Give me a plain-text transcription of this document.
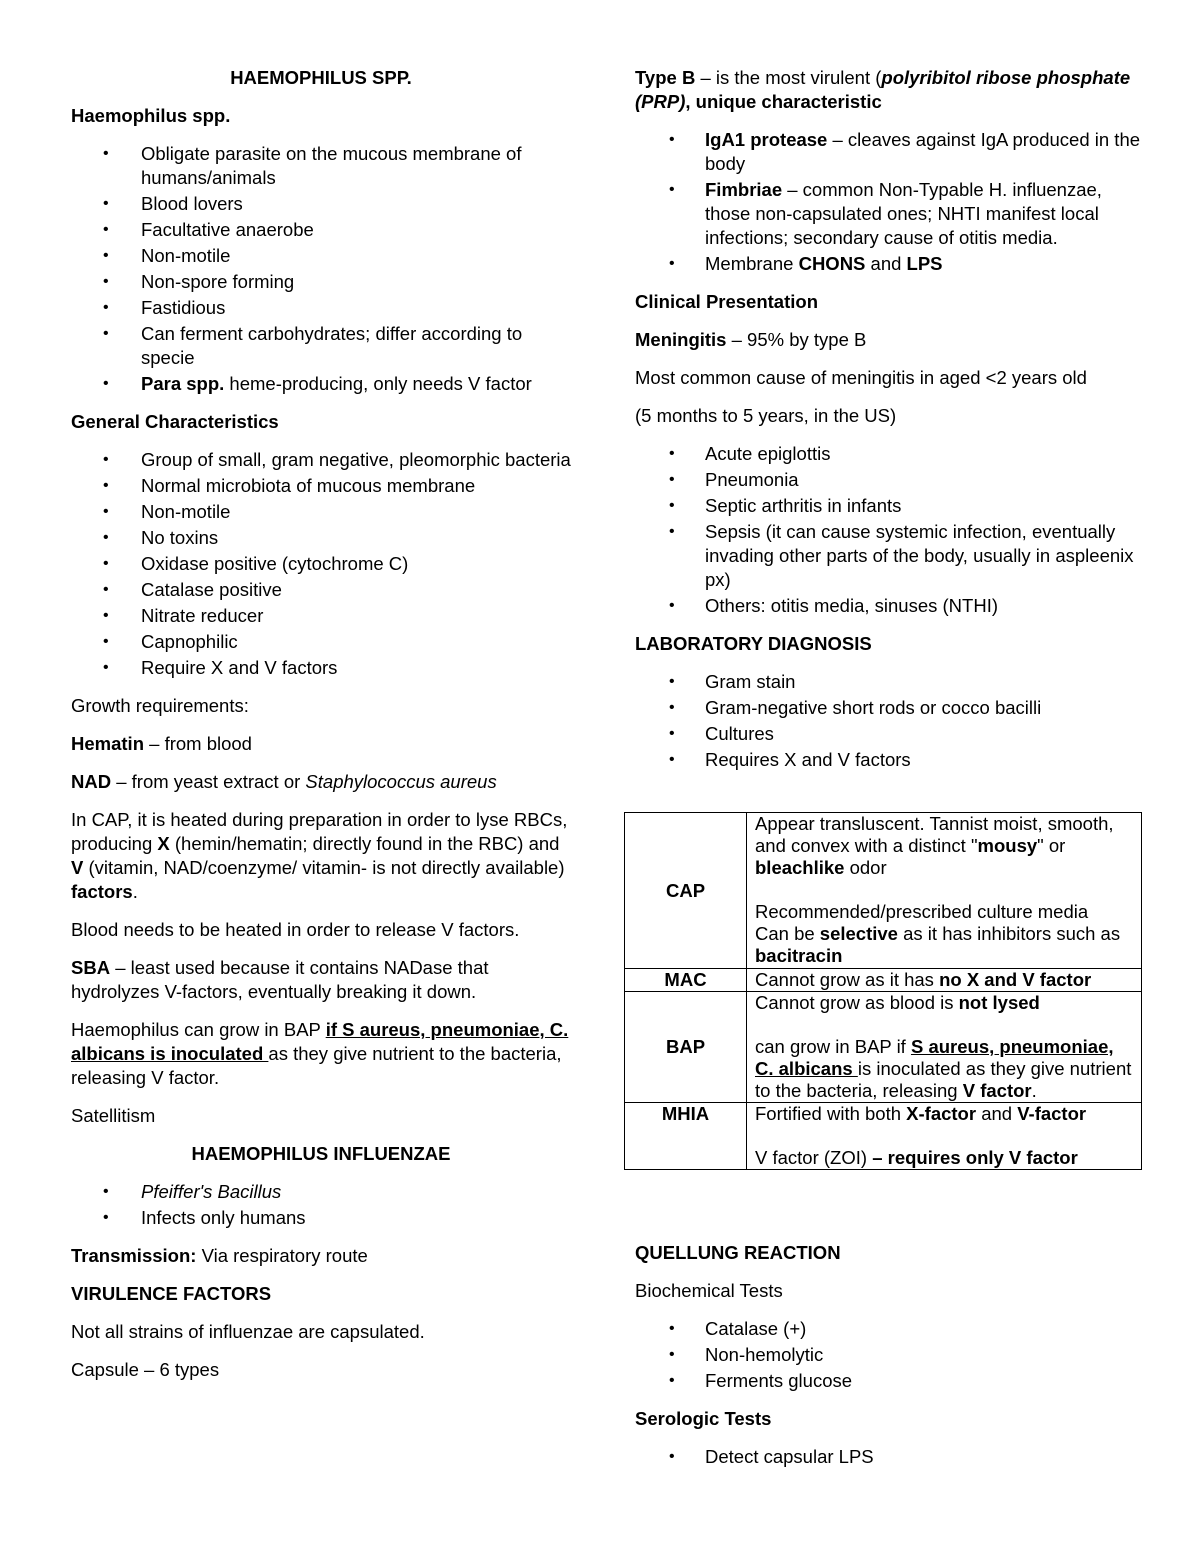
HAEMOPHILUS SPP.

Haemophilus spp.

• Obligate parasite on the mucous membrane of humans/animals
• Blood lovers
• Facultative anaerobe
• Non-motile
• Non-spore forming
• Fastidious
• Can ferment carbohydrates; differ according to specie
• Para spp. heme-producing, only needs V factor

General Characteristics

• Group of small, gram negative, pleomorphic bacteria
• Normal microbiota of mucous membrane
• Non-motile
• No toxins
• Oxidase positive (cytochrome C)
• Catalase positive
• Nitrate reducer
• Capnophilic
• Require X and V factors

Growth requirements:

Hematin – from blood

NAD – from yeast extract or Staphylococcus aureus

In CAP, it is heated during preparation in order to lyse RBCs, producing X (hemin/hematin; directly found in the RBC) and V (vitamin, NAD/coenzyme/ vitamin- is not directly available) factors.

Blood needs to be heated in order to release V factors.

SBA – least used because it contains NADase that hydrolyzes V-factors, eventually breaking it down.

Haemophilus can grow in BAP if S aureus, pneumoniae, C. albicans is inoculated as they give nutrient to the bacteria, releasing V factor.

Satellitism

HAEMOPHILUS INFLUENZAE

• Pfeiffer's Bacillus
• Infects only humans

Transmission: Via respiratory route

VIRULENCE FACTORS

Not all strains of influenzae are capsulated.

Capsule – 6 types

Type B – is the most virulent (polyribitol ribose phosphate (PRP), unique characteristic

• IgA1 protease – cleaves against IgA produced in the body
• Fimbriae – common Non-Typable H. influenzae, those non-capsulated ones; NHTI manifest local infections; secondary cause of otitis media.
• Membrane CHONS and LPS

Clinical Presentation

Meningitis – 95% by type B

Most common cause of meningitis in aged <2 years old

(5 months to 5 years, in the US)

• Acute epiglottis
• Pneumonia
• Septic arthritis in infants
• Sepsis (it can cause systemic infection, eventually invading other parts of the body, usually in aspleenix px)
• Others: otitis media, sinuses (NTHI)

LABORATORY DIAGNOSIS

• Gram stain
• Gram-negative short rods or cocco bacilli
• Cultures
• Requires X and V factors
CAP	Appear transluscent. Tannist moist, smooth, and convex with a distinct "mousy" or bleachlike odor
Recommended/prescribed culture media
Can be selective as it has inhibitors such as bacitracin
MAC	Cannot grow as it has no X and V factor
BAP	Cannot grow as blood is not lysed
can grow in BAP if S aureus, pneumoniae, C. albicans is inoculated as they give nutrient to the bacteria, releasing V factor.
MHIA	Fortified with both X-factor and V-factor
V factor (ZOI) – requires only V factor

QUELLUNG REACTION

Biochemical Tests

• Catalase (+)
• Non-hemolytic
• Ferments glucose

Serologic Tests

• Detect capsular LPS
